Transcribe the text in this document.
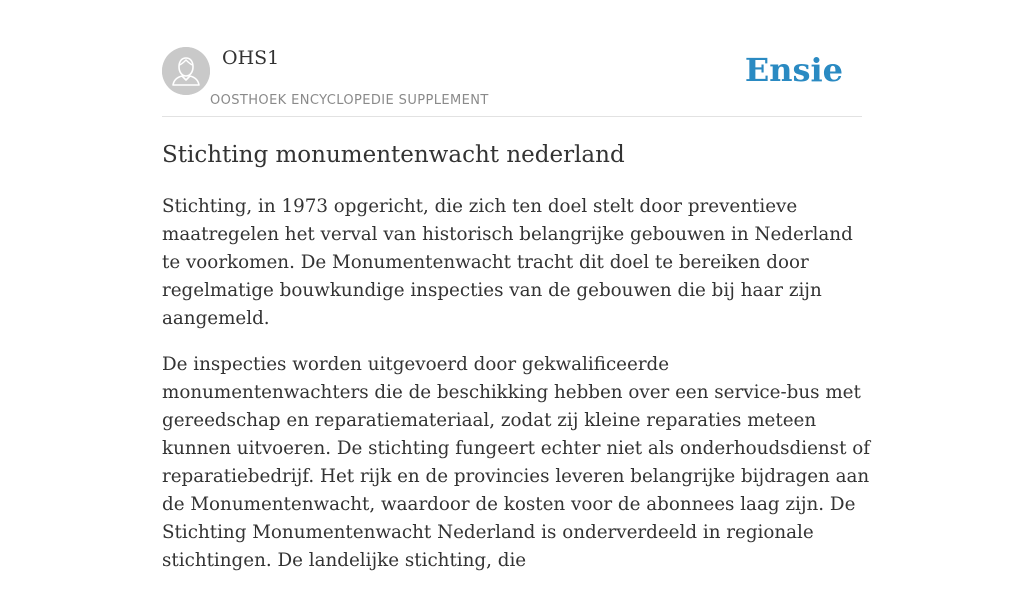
OHS1
OOSTHOEK ENCYCLOPEDIE SUPPLEMENT
Ensie
Stichting monumentenwacht nederland

Stichting, in 1973 opgericht, die zich ten doel stelt door preventieve maatregelen het verval van historisch belangrijke gebouwen in Nederland te voorkomen. De Monumentenwacht tracht dit doel te bereiken door regelmatige bouwkundige inspecties van de gebouwen die bij haar zijn aangemeld.

De inspecties worden uitgevoerd door gekwalificeerde monumentenwachters die de beschikking hebben over een service-bus met gereedschap en reparatiemateriaal, zodat zij kleine reparaties meteen kunnen uitvoeren. De stichting fungeert echter niet als onderhoudsdienst of reparatiebedrijf. Het rijk en de provincies leveren belangrijke bijdragen aan de Monumentenwacht, waardoor de kosten voor de abonnees laag zijn. De Stichting Monumentenwacht Nederland is onderverdeeld in regionale stichtingen. De landelijke stichting, die
